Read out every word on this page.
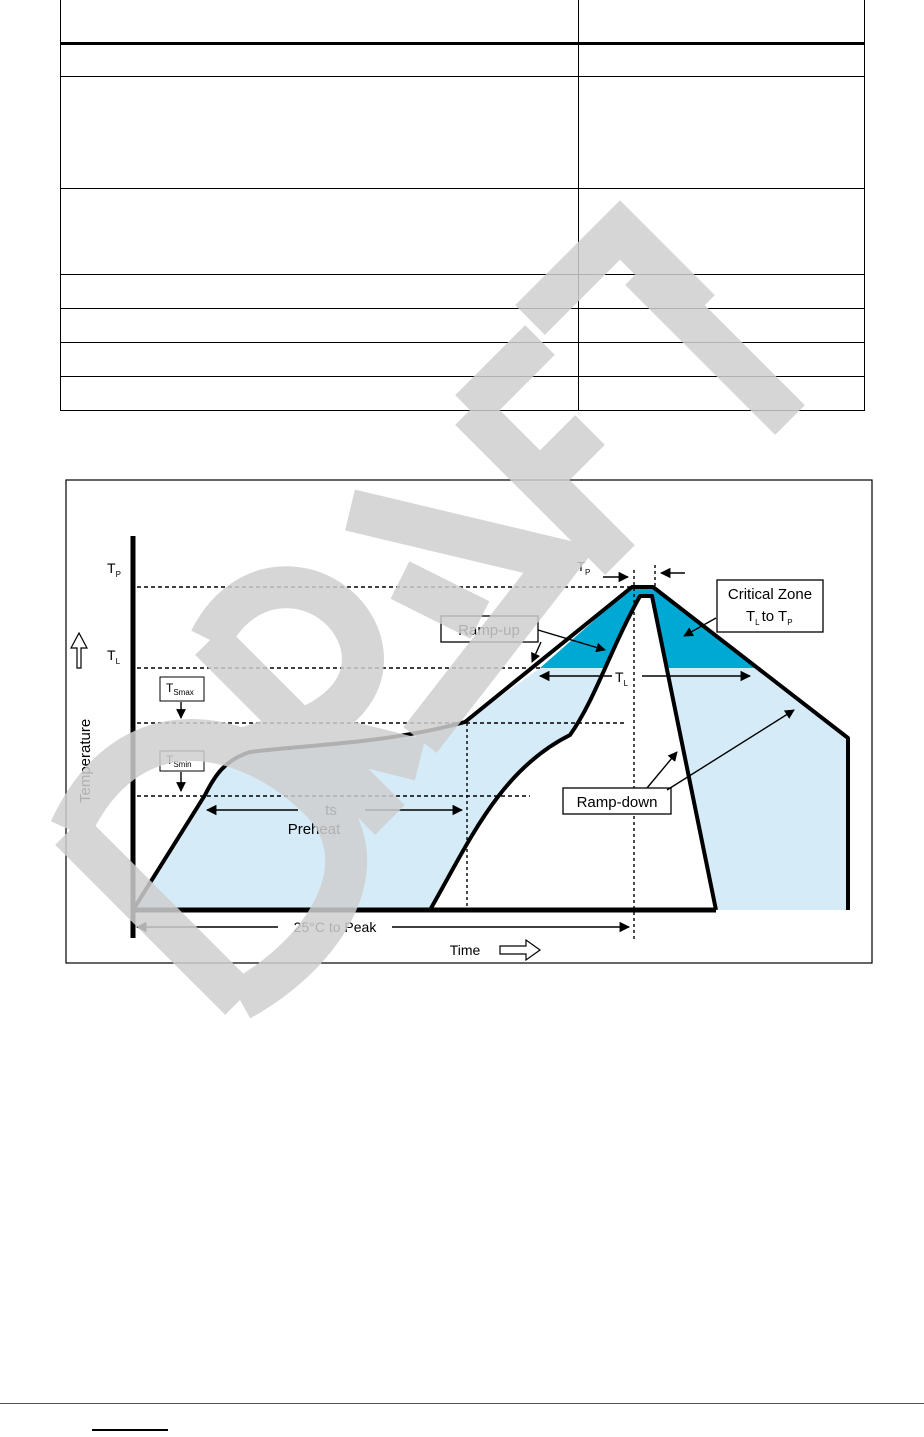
$T_P$
$T_L$
$T_{Smax}$
$T_{Smin}$
Temperature
ts
Preheat
25°C to Peak
Time
$T_P$
$T_L$
Ramp-up
Critical Zone
$T_L$ to $T_P$
Ramp-down
